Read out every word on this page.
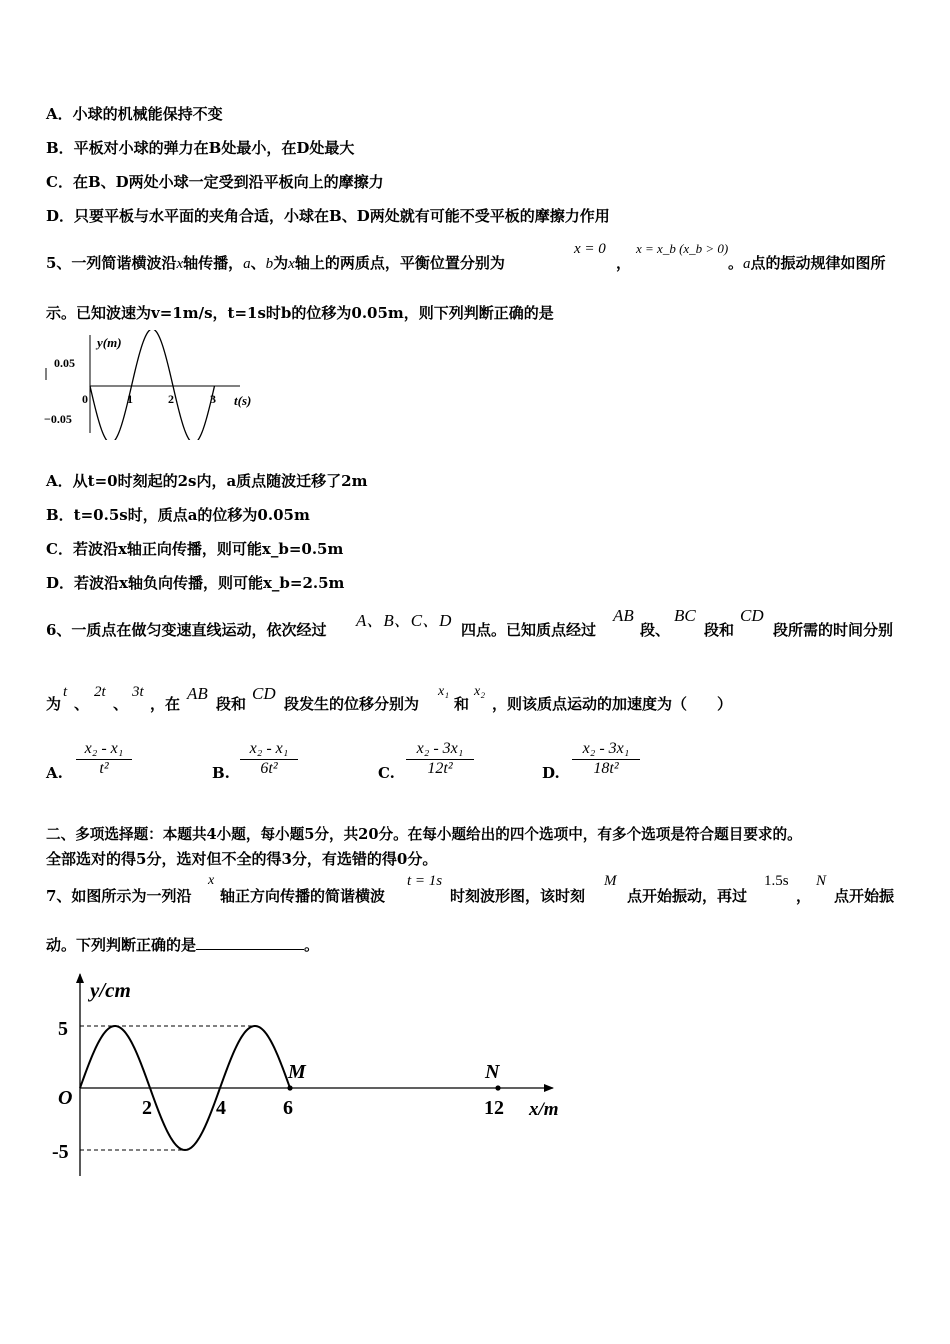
A．小球的机械能保持不变
B．平板对小球的弹力在B处最小，在D处最大
C．在B、D两处小球一定受到沿平板向上的摩擦力
D．只要平板与水平面的夹角合适，小球在B、D两处就有可能不受平板的摩擦力作用
5、一列简谐横波沿x轴传播，a、b为x轴上的两质点，平衡位置分别为
x = 0
，
x = x_b (x_b > 0)
。a点的振动规律如图所
示。已知波速为v=1m/s，t=1s时b的位移为0.05m，则下列判断正确的是
y(m)
t(s)
0.05
−0.05
0	1	2	3
A．从t=0时刻起的2s内，a质点随波迁移了2m
B．t=0.5s时，质点a的位移为0.05m
C．若波沿x轴正向传播，则可能x_b=0.5m
D．若波沿x轴负向传播，则可能x_b=2.5m
6、一质点在做匀变速直线运动，依次经过 A、B、C、D 四点。已知质点经过
AB
段、
BC
段和
CD
段所需的时间分别
为
t
、
2t
、
3t
，在
AB
段和
CD
段发生的位移分别为
x₁
和
x₂
，则该质点运动的加速度为（　　）
A.
x₂ - x₁
t²	B.
x₂ - x₁
6t²	C.
x₂ - 3x₁
12t²	D.
x₂ - 3x₁
18t²
二、多项选择题：本题共4小题，每小题5分，共20分。在每小题给出的四个选项中，有多个选项是符合题目要求的。
全部选对的得5分，选对但不全的得3分，有选错的得0分。
7、如图所示为一列沿
x
轴正方向传播的简谐横波
t = 1s
时刻波形图，该时刻
M
点开始振动，再过
1.5s
，
N
点开始振
动。下列判断正确的是	。
y/cm
x/m
O
5
-5
2	4	6	12
M	N
